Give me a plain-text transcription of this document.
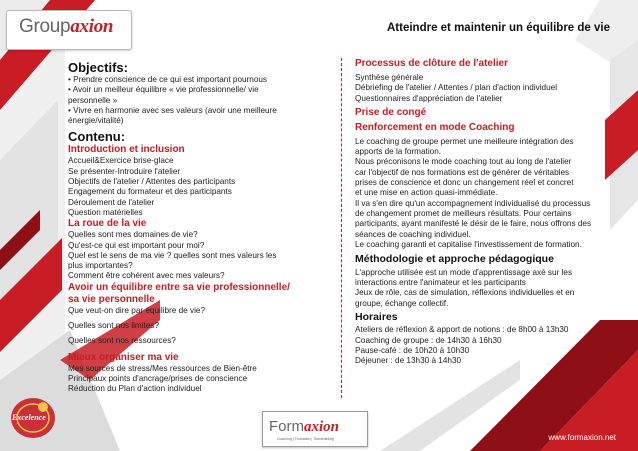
Groupaxion	Atteindre et maintenir un équilibre de vie
Objectifs:

• Prendre conscience de ce qui est important pournous

• Avoir un meilleur équilibre « vie professionnelle/ vie

personnelle »

• Vivre en harmonie avec ses valeurs (avoir une meilleure

énergie/vitalité)

Contenu:
Introduction et inclusion

Accueil&Exercice brise-glace

Se présenter-Introduire l'atelier

Objectifs de l'atelier / Attentes des participants

Engagement du formateur et des participants

Déroulement de l'atelier

Question matérielles

La roue de la vie

Quelles sont mes domaines de vie?

Qu'est-ce qui est important pour moi?

Quel est le sens de ma vie ? quelles sont mes valeurs les

plus importantes?

Comment être cohérent avec mes valeurs?

Avoir un équilibre entre sa vie professionnelle/
sa vie personnelle

Que veut-on dire par équilibre de vie?

Quelles sont nos limites?

Quelles sont nos ressources?

Mieux organiser ma vie

Mes sources de stress/Mes ressources de Bien-être

Principaux points d'ancrage/prises de conscience

Réduction du Plan d'action individuel

Processus de clôture de l'atelier

Synthèse générale

Débriefing de l'atelier / Attentes / plan d'action individuel

Questionnaires d'appréciation de l'atelier

Prise de congé
Renforcement en mode Coaching

Le coaching de groupe permet une meilleure intégration des

apports de la formation.

Nous préconisons le mode coaching tout au long de l'atelier

car l'objectif de nos formations est de générer de véritables

prises de conscience et donc un changement réel et concret

et une mise en action quasi-immédiate.

Il va s'en dire qu'un accompagnement individualisé du processus

de changement promet de meilleurs résultats. Pour certains

participants, ayant manifesté le désir de le faire, nous offrons des

séances de coaching individuel.

Le coaching garanti et capitalise l'investissement de formation.

Méthodologie et approche pédagogique

L'approche utilisée est un mode d'apprentissage axé sur les

interactions entre l'animateur et les participants

Jeux de rôle, cas de simulation, réflexions individuelles et en

groupe, échange collectif.

Horaires

Ateliers de réflexion & apport de notions : de 8h00 à 13h30

Coaching de groupe : de 14h30 à 16h30

Pause-café : de 10h20 à 10h30

Déjeuner : de 13h30 à 14h30

Excelence
Formaxion
Coaching | Formation | Teambuilding	www.formaxion.net
